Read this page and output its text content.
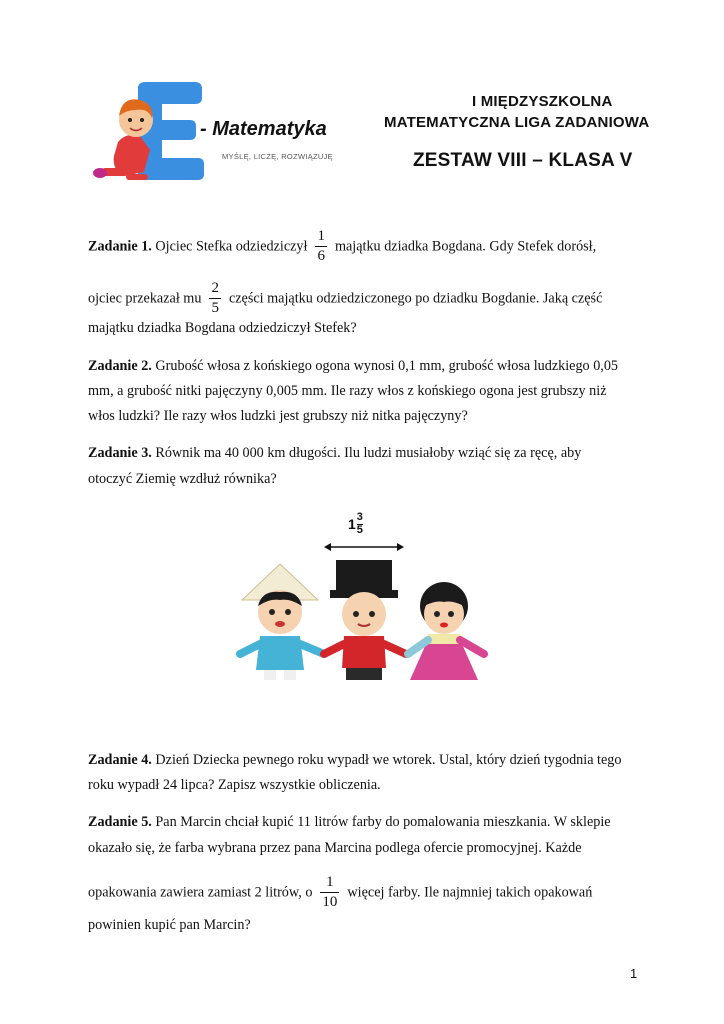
- Matematyka
MYŚLĘ, LICZĘ, ROZWIĄZUJĘ
I MIĘDZYSZKOLNA
MATEMATYCZNA LIGA ZADANIOWA
ZESTAW VIII – KLASA V
Zadanie 1. Ojciec Stefka odziedziczył $\frac{1}{6}$ majątku dziadka Bogdana. Gdy Stefek dorósł,
ojciec przekazał mu $\frac{2}{5}$ części majątku odziedziczonego po dziadku Bogdanie. Jaką część
majątku dziadka Bogdana odziedziczył Stefek?
Zadanie 2. Grubość włosa z końskiego ogona wynosi 0,1 mm, grubość włosa ludzkiego 0,05
mm, a grubość nitki pajęczyny 0,005 mm. Ile razy włos z końskiego ogona jest grubszy niż
włos ludzki? Ile razy włos ludzki jest grubszy niż nitka pajęczyny?
Zadanie 3. Równik ma 40 000 km długości. Ilu ludzi musiałoby wziąć się za ręcę, aby
otoczyć Ziemię wzdłuż równika?
$1\frac{3}{5}$
Zadanie 4. Dzień Dziecka pewnego roku wypadł we wtorek. Ustal, który dzień tygodnia tego
roku wypadł 24 lipca? Zapisz wszystkie obliczenia.
Zadanie 5. Pan Marcin chciał kupić 11 litrów farby do pomalowania mieszkania. W sklepie
okazało się, że farba wybrana przez pana Marcina podlega ofercie promocyjnej. Każde
opakowania zawiera zamiast 2 litrów, o $\frac{1}{10}$ więcej farby. Ile najmniej takich opakowań
powinien kupić pan Marcin?
1
